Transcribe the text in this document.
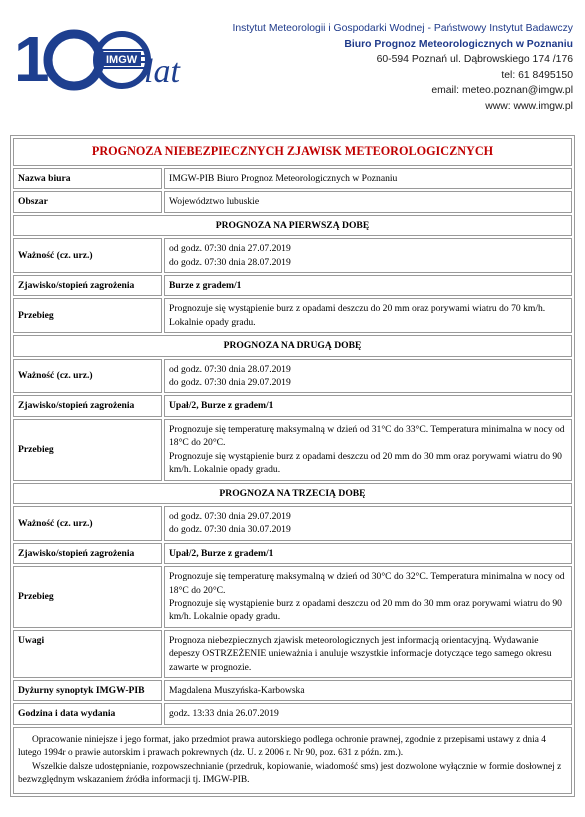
1	IMGW lat
Instytut Meteorologii i Gospodarki Wodnej - Państwowy Instytut Badawczy
Biuro Prognoz Meteorologicznych w Poznaniu
60-594 Poznań ul. Dąbrowskiego 174 /176
tel: 61 8495150
email: meteo.poznan@imgw.pl
www: www.imgw.pl
PROGNOZA NIEBEZPIECZNYCH ZJAWISK METEOROLOGICZNYCH	
Nazwa biura	IMGW-PIB Biuro Prognoz Meteorologicznych w Poznaniu
Obszar	Województwo lubuskie
PROGNOZA NA PIERWSZĄ DOBĘ	
Ważność (cz. urz.)	od godz. 07:30 dnia 27.07.2019
do godz. 07:30 dnia 28.07.2019

Zjawisko/stopień zagrożenia	Burze z gradem/1
Przebieg	Prognozuje się wystąpienie burz z opadami deszczu do 20 mm oraz porywami wiatru do 70 km/h. Lokalnie opady gradu.

PROGNOZA NA DRUGĄ DOBĘ	
Ważność (cz. urz.)	od godz. 07:30 dnia 28.07.2019
do godz. 07:30 dnia 29.07.2019

Zjawisko/stopień zagrożenia	Upał/2, Burze z gradem/1
Przebieg	Prognozuje się temperaturę maksymalną w dzień od 31°C do 33°C. Temperatura minimalna w nocy od 18°C do 20°C.
Prognozuje się wystąpienie burz z opadami deszczu od 20 mm do 30 mm oraz porywami wiatru do 90 km/h. Lokalnie opady gradu.

PROGNOZA NA TRZECIĄ DOBĘ	
Ważność (cz. urz.)	od godz. 07:30 dnia 29.07.2019
do godz. 07:30 dnia 30.07.2019

Zjawisko/stopień zagrożenia	Upał/2, Burze z gradem/1
Przebieg	Prognozuje się temperaturę maksymalną w dzień od 30°C do 32°C. Temperatura minimalna w nocy od 18°C do 20°C.
Prognozuje się wystąpienie burz z opadami deszczu od 20 mm do 30 mm oraz porywami wiatru do 90 km/h. Lokalnie opady gradu.

Uwagi	Prognoza niebezpiecznych zjawisk meteorologicznych jest informacją orientacyjną. Wydawanie depeszy OSTRZEŻENIE unieważnia i anuluje wszystkie informacje dotyczące tego samego okresu zawarte w prognozie.
Dyżurny synoptyk IMGW-PIB	Magdalena Muszyńska-Karbowska
Godzina i data wydania	godz. 13:33 dnia 26.07.2019

Opracowanie niniejsze i jego format, jako przedmiot prawa autorskiego podlega ochronie prawnej, zgodnie z przepisami ustawy z dnia 4 lutego 1994r o prawie autorskim i prawach pokrewnych (dz. U. z 2006 r. Nr 90, poz. 631 z późn. zm.).
Wszelkie dalsze udostępnianie, rozpowszechnianie (przedruk, kopiowanie, wiadomość sms) jest dozwolone wyłącznie w formie dosłownej z bezwzględnym wskazaniem źródła informacji tj. IMGW-PIB.	
